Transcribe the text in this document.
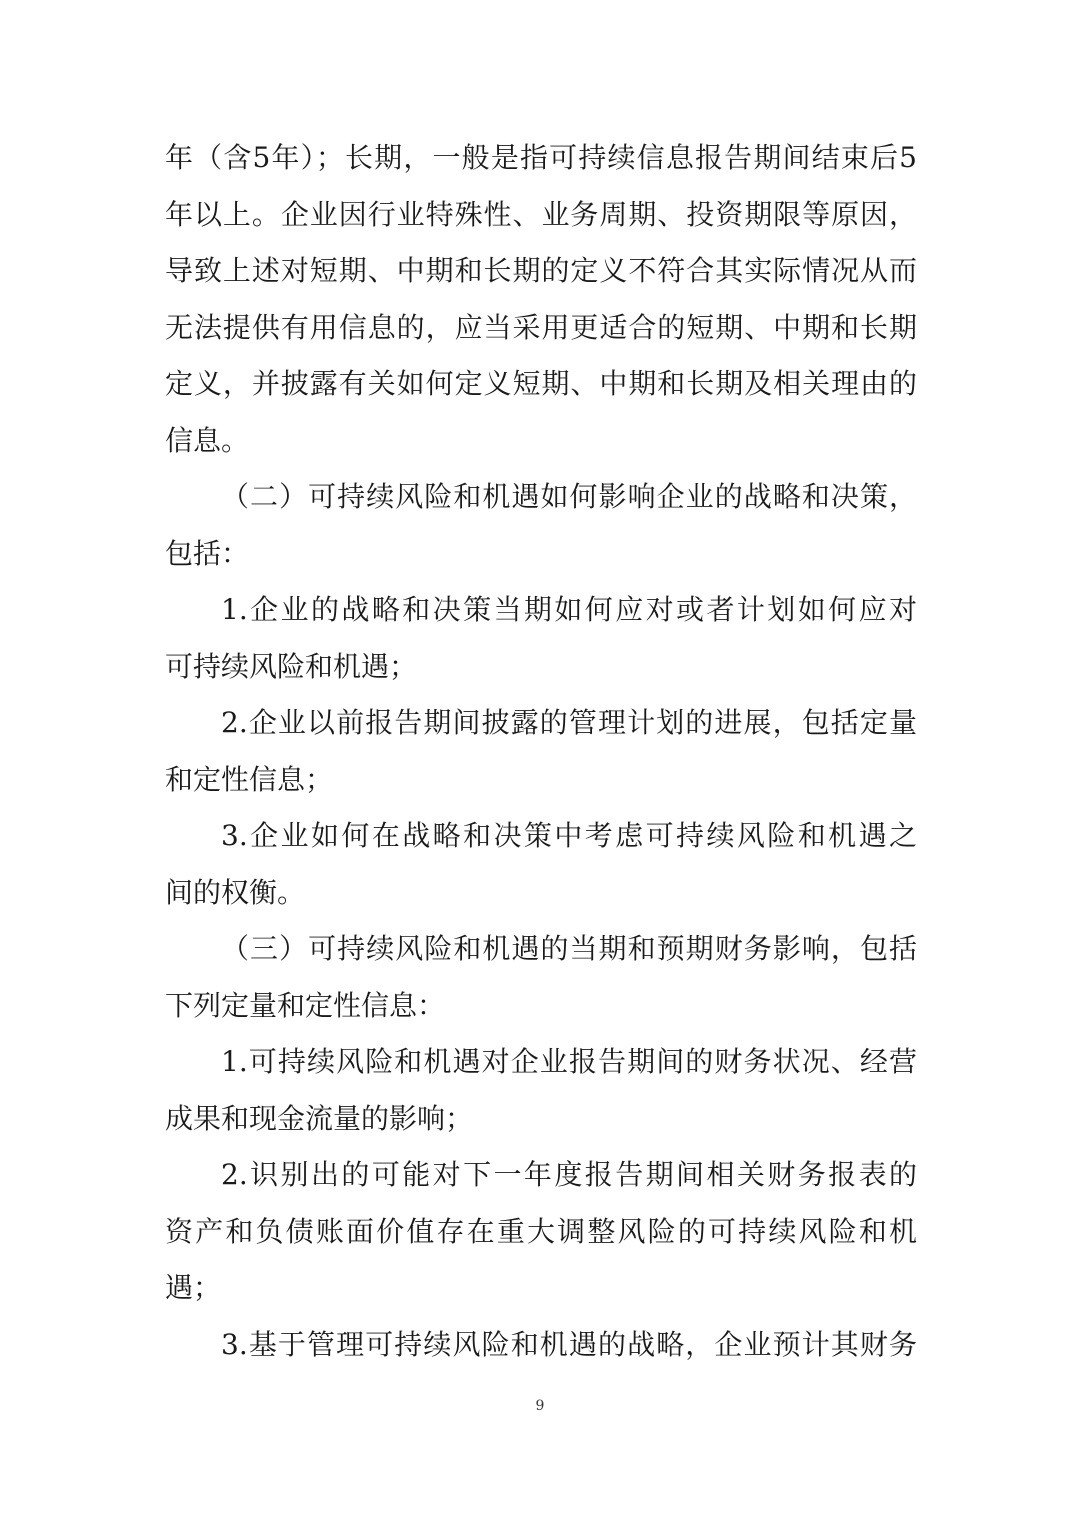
年（含5年）；长期，一般是指可持续信息报告期间结束后5
年以上。企业因行业特殊性、业务周期、投资期限等原因，
导致上述对短期、中期和长期的定义不符合其实际情况从而
无法提供有用信息的，应当采用更适合的短期、中期和长期
定义，并披露有关如何定义短期、中期和长期及相关理由的
信息。
（二）可持续风险和机遇如何影响企业的战略和决策，
包括：
1.企业的战略和决策当期如何应对或者计划如何应对
可持续风险和机遇；
2.企业以前报告期间披露的管理计划的进展，包括定量
和定性信息；
3.企业如何在战略和决策中考虑可持续风险和机遇之
间的权衡。
（三）可持续风险和机遇的当期和预期财务影响，包括
下列定量和定性信息：
1.可持续风险和机遇对企业报告期间的财务状况、经营
成果和现金流量的影响；
2.识别出的可能对下一年度报告期间相关财务报表的
资产和负债账面价值存在重大调整风险的可持续风险和机
遇；
3.基于管理可持续风险和机遇的战略，企业预计其财务
9
